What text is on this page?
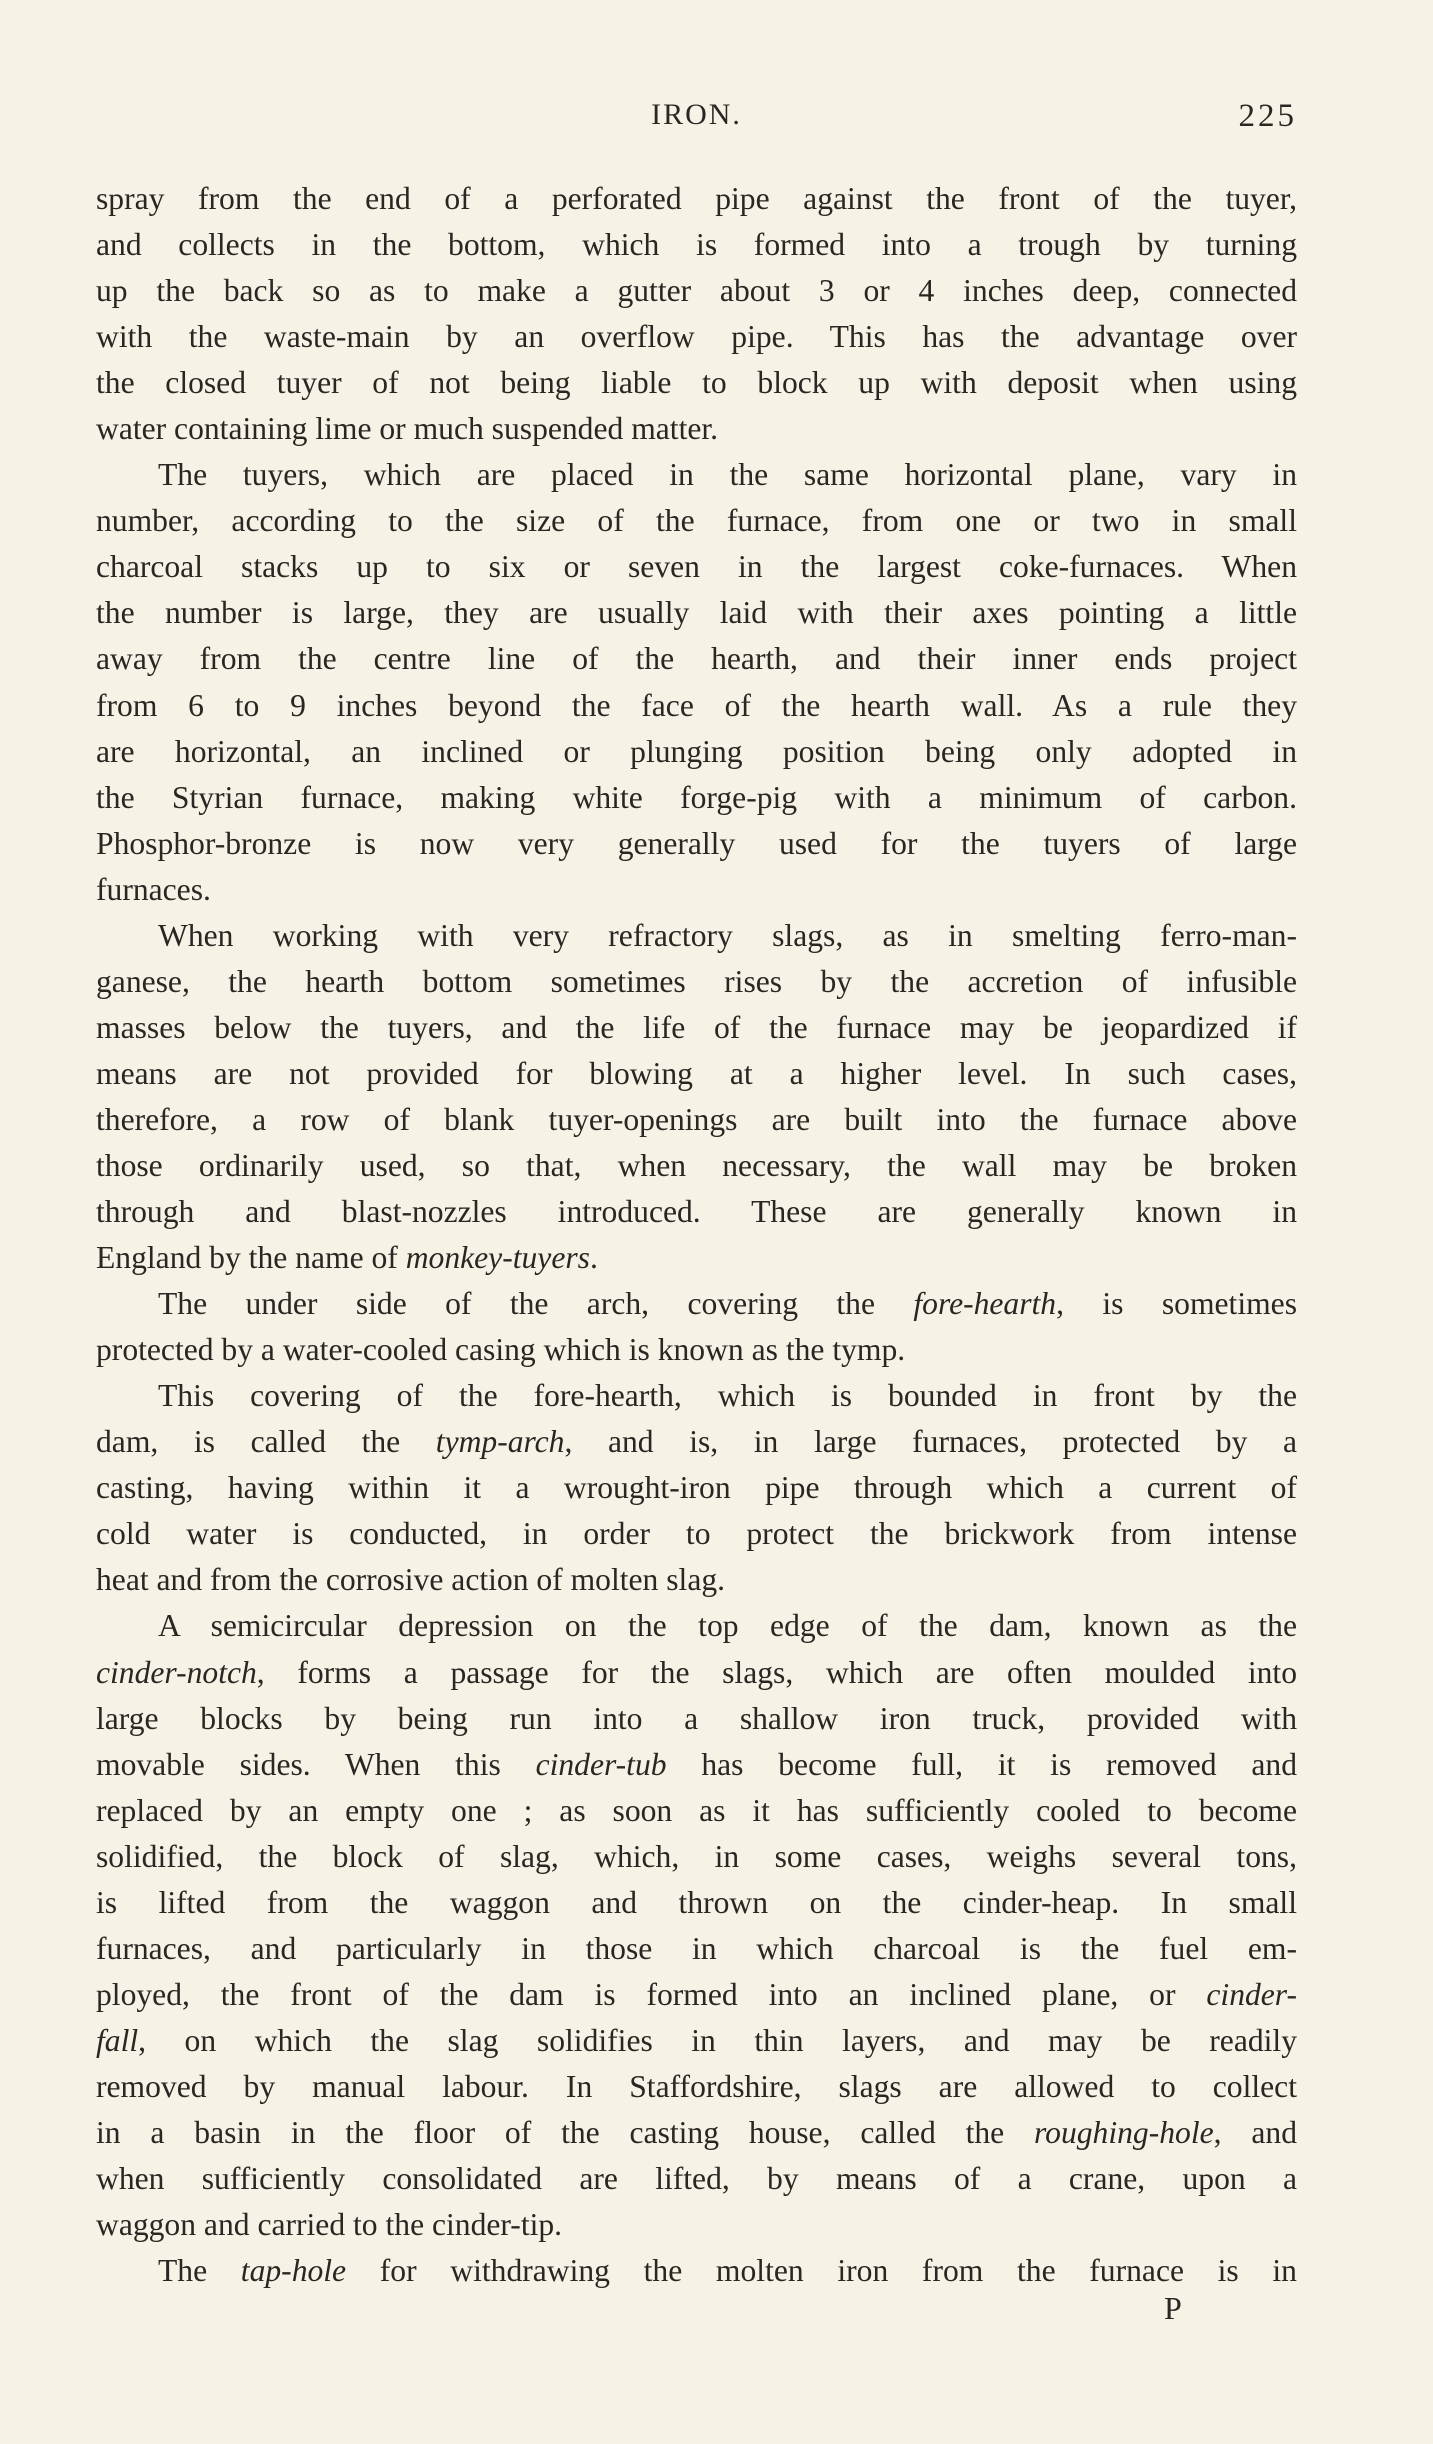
IRON.	225
spray from the end of a perforated pipe against the front of the tuyer,
and collects in the bottom, which is formed into a trough by turning
up the back so as to make a gutter about 3 or 4 inches deep, connected
with the waste-main by an overflow pipe. This has the advantage over
the closed tuyer of not being liable to block up with deposit when using
water containing lime or much suspended matter.
The tuyers, which are placed in the same horizontal plane, vary in
number, according to the size of the furnace, from one or two in small
charcoal stacks up to six or seven in the largest coke-furnaces. When
the number is large, they are usually laid with their axes pointing a little
away from the centre line of the hearth, and their inner ends project
from 6 to 9 inches beyond the face of the hearth wall. As a rule they
are horizontal, an inclined or plunging position being only adopted in
the Styrian furnace, making white forge-pig with a minimum of carbon.
Phosphor-bronze is now very generally used for the tuyers of large
furnaces.
When working with very refractory slags, as in smelting ferro-man-
ganese, the hearth bottom sometimes rises by the accretion of infusible
masses below the tuyers, and the life of the furnace may be jeopardized if
means are not provided for blowing at a higher level. In such cases,
therefore, a row of blank tuyer-openings are built into the furnace above
those ordinarily used, so that, when necessary, the wall may be broken
through and blast-nozzles introduced. These are generally known in
England by the name of monkey-tuyers.
The under side of the arch, covering the fore-hearth, is sometimes
protected by a water-cooled casing which is known as the tymp.
This covering of the fore-hearth, which is bounded in front by the
dam, is called the tymp-arch, and is, in large furnaces, protected by a
casting, having within it a wrought-iron pipe through which a current of
cold water is conducted, in order to protect the brickwork from intense
heat and from the corrosive action of molten slag.
A semicircular depression on the top edge of the dam, known as the
cinder-notch, forms a passage for the slags, which are often moulded into
large blocks by being run into a shallow iron truck, provided with
movable sides. When this cinder-tub has become full, it is removed and
replaced by an empty one ; as soon as it has sufficiently cooled to become
solidified, the block of slag, which, in some cases, weighs several tons,
is lifted from the waggon and thrown on the cinder-heap. In small
furnaces, and particularly in those in which charcoal is the fuel em-
ployed, the front of the dam is formed into an inclined plane, or cinder-
fall, on which the slag solidifies in thin layers, and may be readily
removed by manual labour. In Staffordshire, slags are allowed to collect
in a basin in the floor of the casting house, called the roughing-hole, and
when sufficiently consolidated are lifted, by means of a crane, upon a
waggon and carried to the cinder-tip.
The tap-hole for withdrawing the molten iron from the furnace is in
P
